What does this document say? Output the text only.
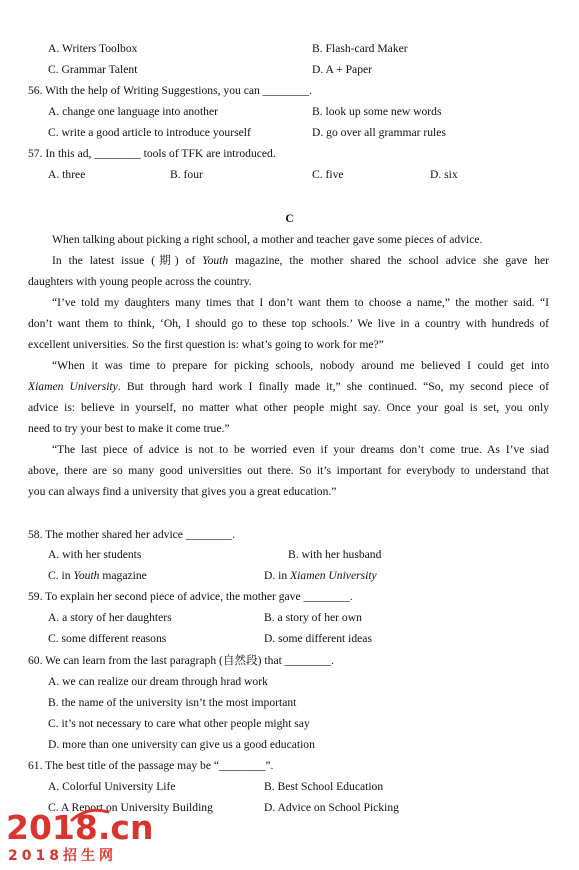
A. Writers Toolbox	B. Flash-card Maker
C. Grammar Talent	D. A + Paper
56. With the help of Writing Suggestions, you can ________.
A. change one language into another	B. look up some new words
C. write a good article to introduce yourself	D. go over all grammar rules
57. In this ad, ________ tools of TFK are introduced.
A. three	B. four	C. five	D. six
C
When talking about picking a right school, a mother and teacher gave some pieces of advice.
In the latest issue (期) of Youth magazine, the mother shared the school advice she gave her
daughters with young people across the country.
“I’ve told my daughters many times that I don’t want them to choose a name,” the mother said. “I
don’t want them to think, ‘Oh, I should go to these top schools.’ We live in a country with hundreds of
excellent universities. So the first question is: what’s going to work for me?”
“When it was time to prepare for picking schools, nobody around me believed I could get into
Xiamen University. But through hard work I finally made it,” she continued. “So, my second piece of
advice is: believe in yourself, no matter what other people might say. Once your goal is set, you only
need to try your best to make it come true.”
“The last piece of advice is not to be worried even if your dreams don’t come true. As I’ve siad
above, there are so many good universities out there. So it’s important for everybody to understand that
you can always find a university that gives you a great education.”
58. The mother shared her advice ________.
A. with her students	B. with her husband
C. in Youth magazine	D. in Xiamen University
59. To explain her second piece of advice, the mother gave ________.
A. a story of her daughters	B. a story of her own
C. some different reasons	D. some different ideas
60. We can learn from the last paragraph (自然段) that ________.
A. we can realize our dream through hrad work
B. the name of the university isn’t the most important
C. it’s not necessary to care what other people might say
D. more than one university can give us a good education
61. The best title of the passage may be “________”.
A. Colorful University Life	B. Best School Education
C. A Report on University Building	D. Advice on School Picking
2018.cn
2018招生网
